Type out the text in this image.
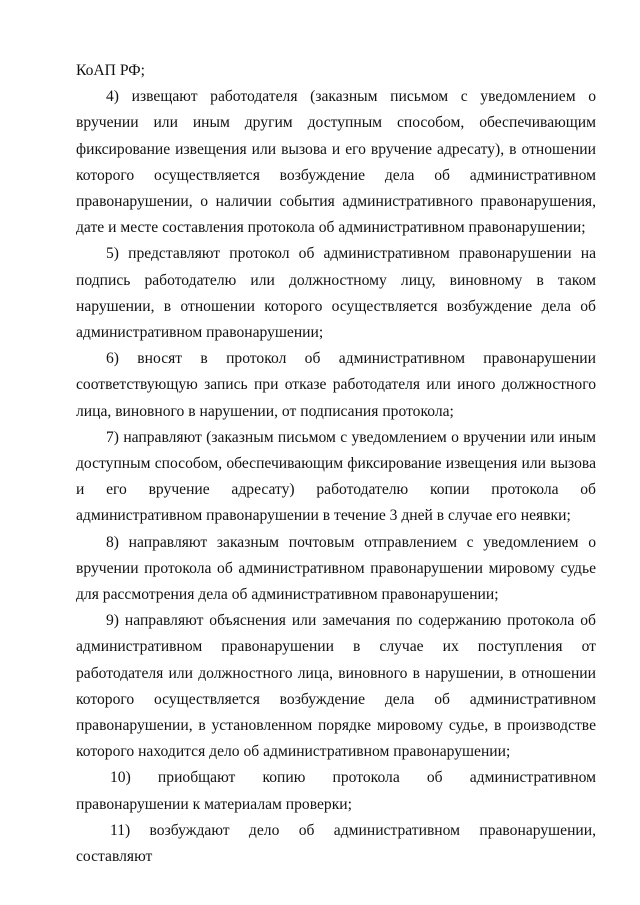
КоАП РФ;

4) извещают работодателя (заказным письмом с уведомлением о вручении или иным другим доступным способом, обеспечивающим фиксирование извещения или вызова и его вручение адресату), в отношении которого осуществляется возбуждение дела об административном правонарушении, о наличии события административного правонарушения, дате и месте составления протокола об административном правонарушении;

5) представляют протокол об административном правонарушении на подпись работодателю или должностному лицу, виновному в таком нарушении, в отношении которого осуществляется возбуждение дела об административном правонарушении;

6) вносят в протокол об административном правонарушении соответствующую запись при отказе работодателя или иного должностного лица, виновного в нарушении, от подписания протокола;

7) направляют (заказным письмом с уведомлением о вручении или иным доступным способом, обеспечивающим фиксирование извещения или вызова и его вручение адресату) работодателю копии протокола об административном правонарушении в течение 3 дней в случае его неявки;

8) направляют заказным почтовым отправлением с уведомлением о вручении протокола об административном правонарушении мировому судье для рассмотрения дела об административном правонарушении;

9) направляют объяснения или замечания по содержанию протокола об административном правонарушении в случае их поступления от работодателя или должностного лица, виновного в нарушении, в отношении которого осуществляется возбуждение дела об административном правонарушении, в установленном порядке мировому судье, в производстве которого находится дело об административном правонарушении;

10) приобщают копию протокола об административном правонарушении к материалам проверки;

11) возбуждают дело об административном правонарушении, составляют
